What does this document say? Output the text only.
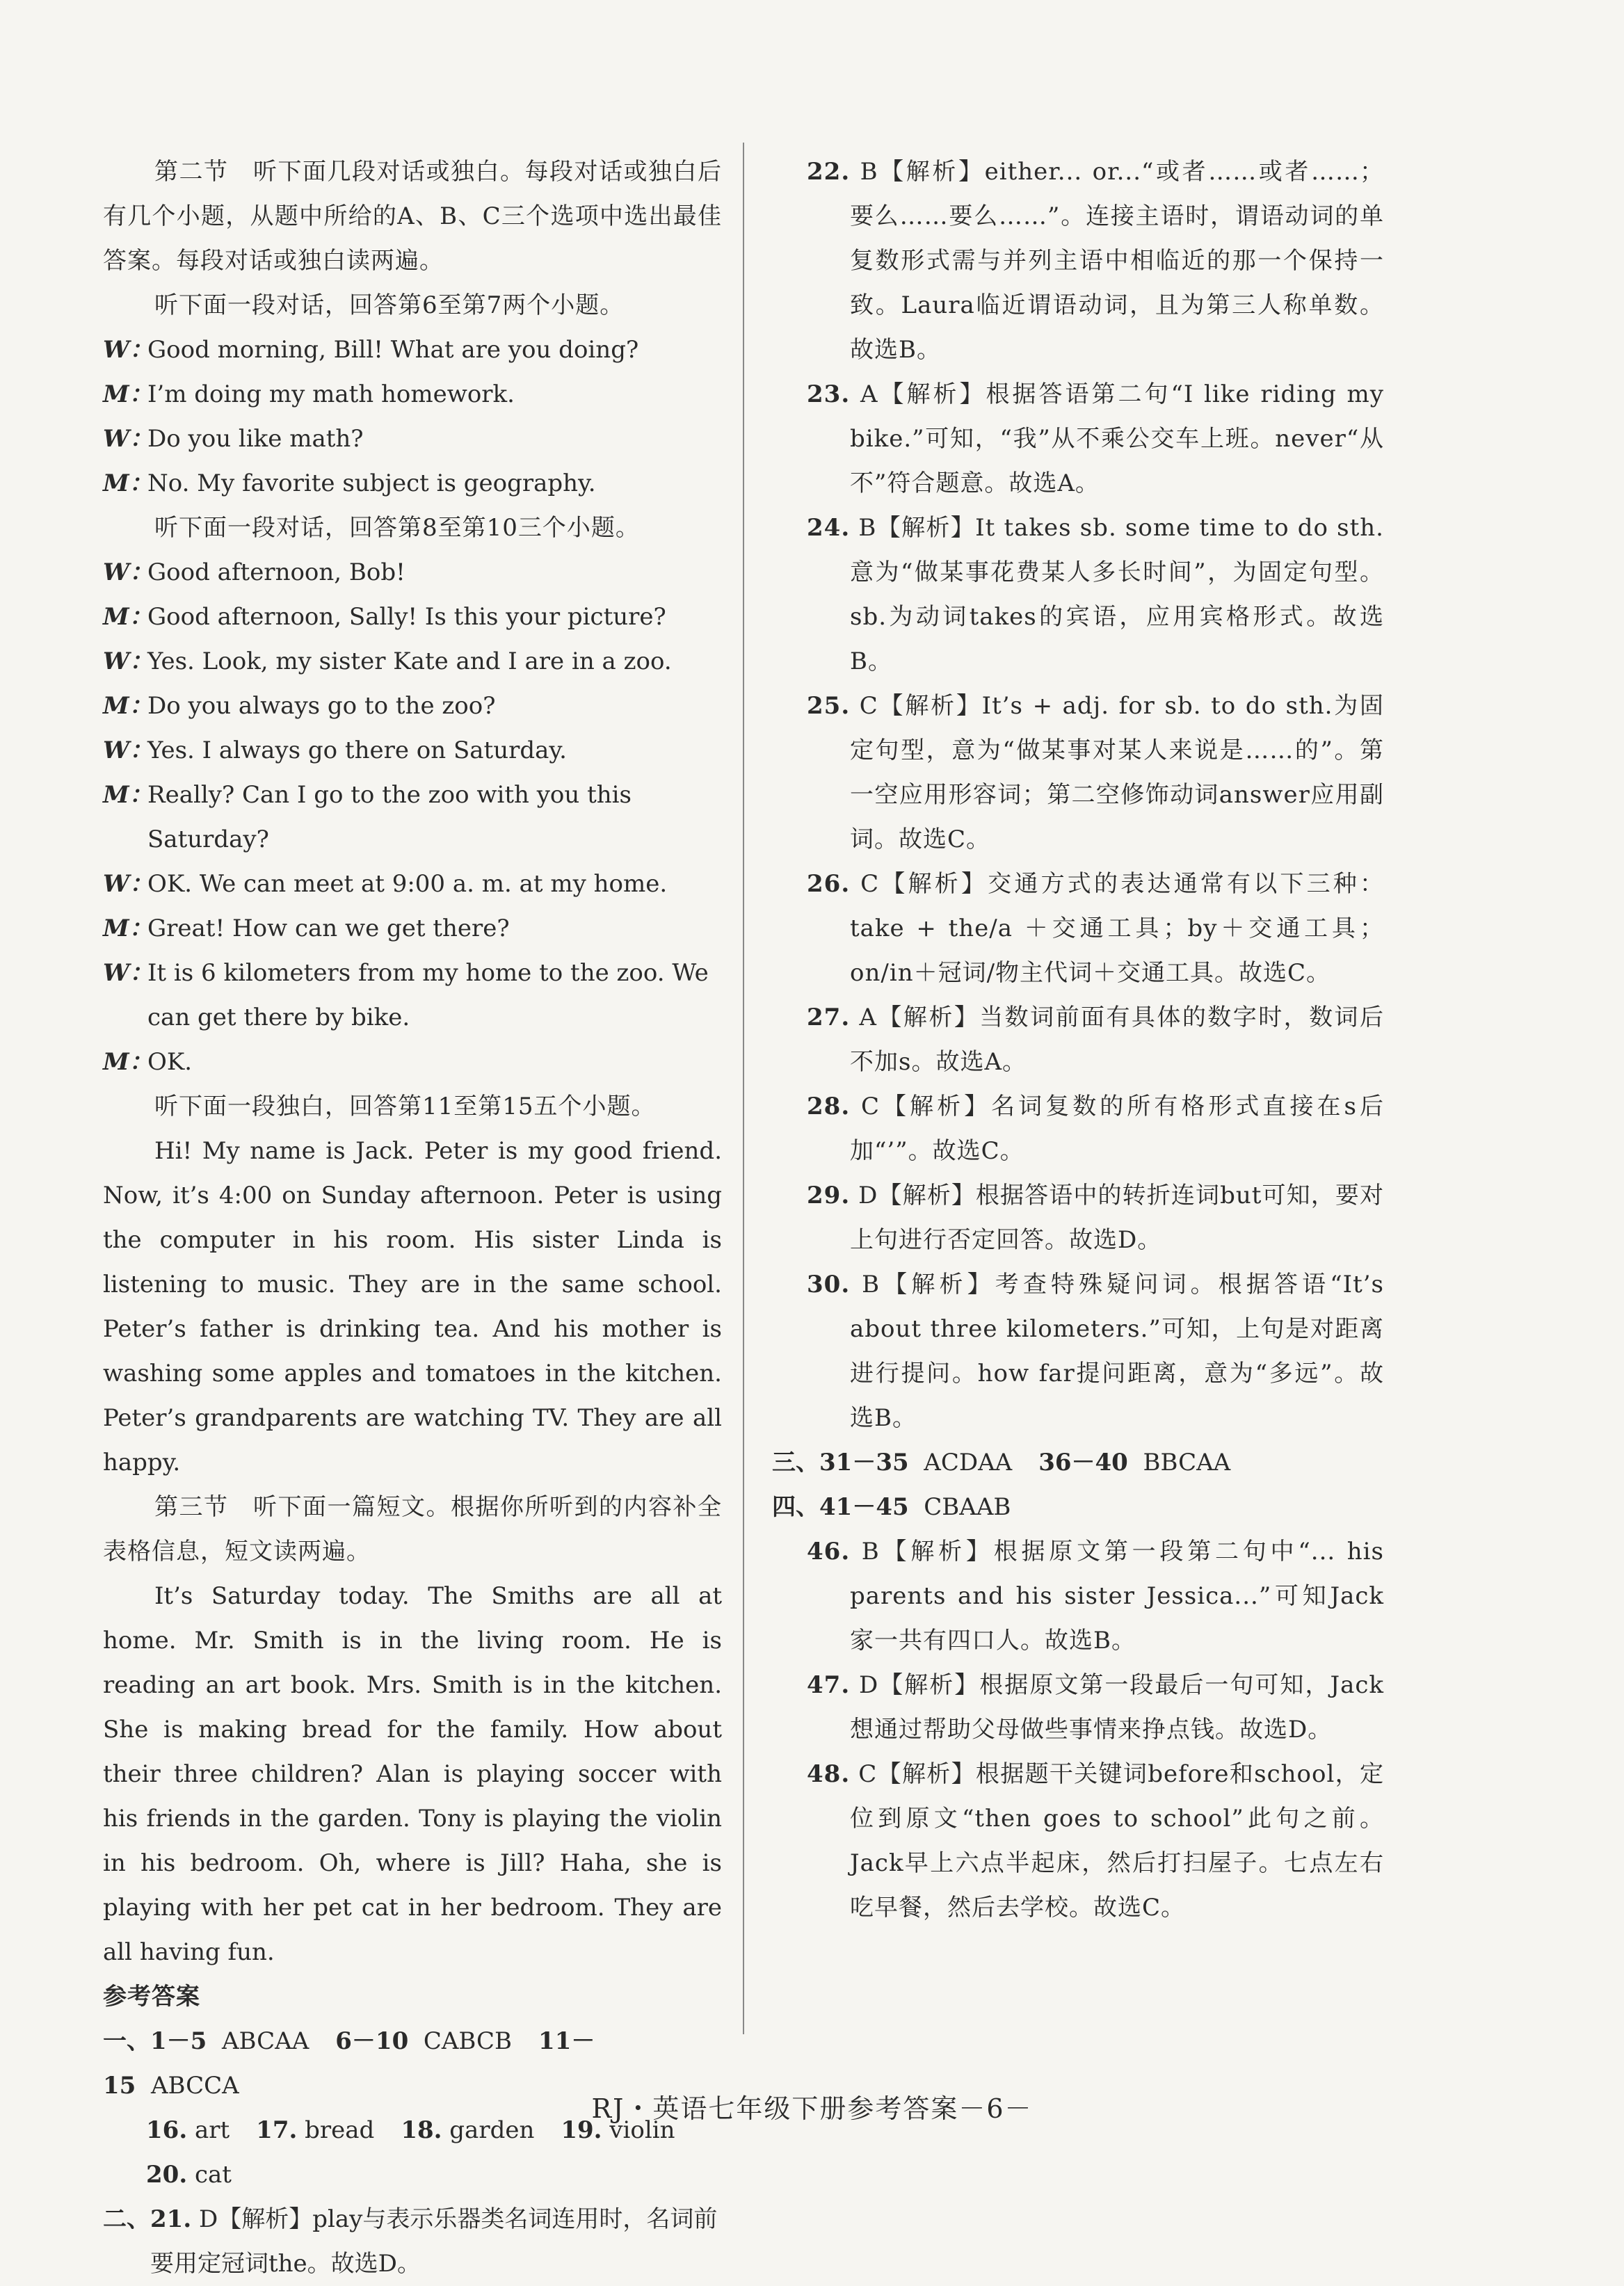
第二节　听下面几段对话或独白。每段对话或独白后有几个小题，从题中所给的A、B、C三个选项中选出最佳答案。每段对话或独白读两遍。

听下面一段对话，回答第6至第7两个小题。

W：
Good morning, Bill! What are you doing?
M：
I’m doing my math homework.
W：
Do you like math?
M：
No. My favorite subject is geography.

听下面一段对话，回答第8至第10三个小题。

W：
Good afternoon, Bob!
M：
Good afternoon, Sally! Is this your picture?
W：
Yes. Look, my sister Kate and I are in a zoo.
M：
Do you always go to the zoo?
W：
Yes. I always go there on Saturday.
M：
Really? Can I go to the zoo with you this Saturday?
W：
OK. We can meet at 9:00 a. m. at my home.
M：
Great! How can we get there?
W：
It is 6 kilometers from my home to the zoo. We can get there by bike.
M：
OK.

听下面一段独白，回答第11至第15五个小题。

Hi! My name is Jack. Peter is my good friend. Now, it’s 4:00 on Sunday afternoon. Peter is using the computer in his room. His sister Linda is listening to music. They are in the same school. Peter’s father is drinking tea. And his mother is washing some apples and tomatoes in the kitchen. Peter’s grandparents are watching TV. They are all happy.

第三节　听下面一篇短文。根据你所听到的内容补全表格信息，短文读两遍。

It’s Saturday today. The Smiths are all at home. Mr. Smith is in the living room. He is reading an art book. Mrs. Smith is in the kitchen. She is making bread for the family. How about their three children? Alan is playing soccer with his friends in the garden. Tony is playing the violin in his bedroom. Oh, where is Jill? Haha, she is playing with her pet cat in her bedroom. They are all having fun.

参考答案

一、1－5 ABCAA 6－10 CABCB 11－15 ABCCA

16. art 17. bread 18. garden 19. violin20. cat

二、 21. D【解析】play与表示乐器类名词连用时，名词前要用定冠词the。故选D。

22. B【解析】either... or...“或者……或者……；要么……要么……”。连接主语时，谓语动词的单复数形式需与并列主语中相临近的那一个保持一致。Laura临近谓语动词，且为第三人称单数。故选B。

23. A【解析】根据答语第二句“I like riding my bike.”可知，“我”从不乘公交车上班。never“从不”符合题意。故选A。

24. B【解析】It takes sb. some time to do sth.意为“做某事花费某人多长时间”，为固定句型。sb.为动词takes的宾语，应用宾格形式。故选B。

25. C【解析】It’s + adj. for sb. to do sth.为固定句型，意为“做某事对某人来说是……的”。第一空应用形容词；第二空修饰动词answer应用副词。故选C。

26. C【解析】交通方式的表达通常有以下三种：take + the/a ＋交通工具；by＋交通工具；on/in＋冠词/物主代词＋交通工具。故选C。

27. A【解析】当数词前面有具体的数字时，数词后不加s。故选A。

28. C【解析】名词复数的所有格形式直接在s后加“’”。故选C。

29. D【解析】根据答语中的转折连词but可知，要对上句进行否定回答。故选D。

30. B【解析】考查特殊疑问词。根据答语“It’s about three kilometers.”可知，上句是对距离进行提问。how far提问距离，意为“多远”。故选B。

三、31－35 ACDAA 36－40 BBCAA

四、41－45 CBAAB

46. B【解析】根据原文第一段第二句中“... his parents and his sister Jessica...”可知Jack家一共有四口人。故选B。

47. D【解析】根据原文第一段最后一句可知，Jack想通过帮助父母做些事情来挣点钱。故选D。

48. C【解析】根据题干关键词before和school，定位到原文“then goes to school”此句之前。Jack早上六点半起床，然后打扫屋子。七点左右吃早餐，然后去学校。故选C。

RJ・英语七年级下册参考答案－6－
